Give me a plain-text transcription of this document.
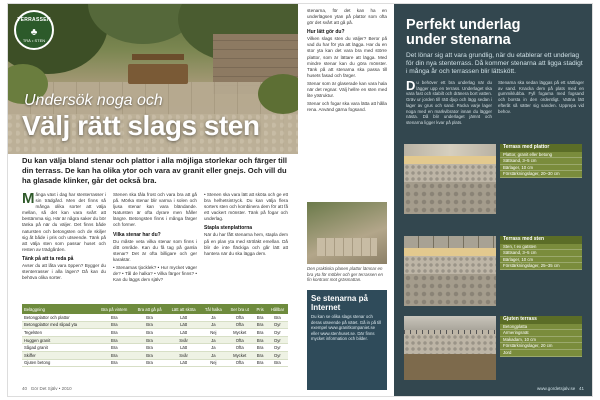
TERRASSEN
♣
TRÄ • STEN
Undersök noga och
Välj rätt slags sten
Du kan välja bland stenar och plattor i alla möjliga storlekar och färger till din terrass. De kan ha olika ytor och vara av granit eller gnejs. Och vill du ha glasade klinker, går det också bra.

Många växt i dag har stenterrasser i sin trädgård. Men det finns så många olika sorter att välja mellan, så det kan vara svårt att bestämma sig. Här är några saker du bör tänka på när du väljer. Det finns både natursten och betongsten och de skiljer sig åt både i pris och utseende. Tänk på att välja sten som passar huset och resten av trädgården.

Tänk på att ta reda på

Avser du att låta vara öppen? Bygger du stenterrasser i alla lägen? Då kan du behöva olika sorter.

Stenen ska tåla frost och vara bra att gå på. Mörka stenar blir varma i solen och ljusa stenar kan vara bländande. Natursten är ofta dyrare men håller längre. Betongsten finns i många färger och former.

Vilka stenar har du?

Du måste veta vilka stenar som finns i ditt område. Kan du få tag på gamla stenar? Det är ofta billigare och ger karaktär.

• Stenarnas tjocklek? • Hur mycket väger de? • Tål de halka? • Vilka färger finns? • Kan du läggs dem själv?

• Stenen ska vara lätt att sköta och ge ett bra helhetsintryck. Du kan välja flera sorters sten och kombinera dem för att få ett vackert mönster. Tänk på fogar och underlag.

Stapla stenplattorna

När du har fått stenarna hem, stapla dem på en plan yta med ströläkt emellan. Då blir de inte fläckiga och går lätt att hantera när du ska lägga dem.

Beläggning	Bra på vintern	Bra att gå på	Lätt att sköta	Tål halka	Ser bra ut	Pris	Hållbar
Betongplattor och plattor	Bra	Bra	Lätt	Ja	Ofta	Bra	Bra
Betongplattor med slipad yta	Bra	Bra	Lätt	Ja	Ofta	Bra	Dyr
Tegelsten	Bra	Bra	Lätt	Nej	Mycket	Bra	Dyr
Huggen granit	Bra	Bra	Svår	Ja	Ofta	Bra	Dyr
Sågad granit	Bra	Bra	Lätt	Ja	Ofta	Bra	Dyr
Skiffer	Bra	Bra	Svår	Ja	Mycket	Bra	Dyr
Gjuten betong	Bra	Bra	Lätt	Nej	Ofta	Bra	Bra
40 Gör Det Själv • 2010

stenarna, för det kan ha en underlägsen ytan på plattor som ofta gör det svårt att gå på.

Hur lätt gör du?

Vilken slags sten du väljer? Beror på vad du har för yta att lägga. Har du en stor yta kan det vara bra med större plattor, som är lättare att lägga. Med mindre stenar kan du göra mönster. Tänk på att stenarna ska passa till husets fasad och färger.

Stenar som är glaserade kan vara hala när det regnar. Välj hellre en sten med lite ytstruktur.

Stenar och fogar ska vara lätta att hålla rena. Använd gärna fogsand.

Den praktiska planen plattor lämnar en bra yta för möbler och ger terrassen en fin kontrast mot gräsmattan.
Se stenarna på Internet

Du kan se olika slags stenar och deras utseende på nätet. Gå in på till exempel www.granitkompaniet.se eller www.stenhuset.se. Där finns mycket information och bilder.

Perfekt underlag under stenarna
Det lönar sig att vara grundlig, när du etablerar ett underlag för din nya stenterrass. Då kommer stenarna att ligga stadigt i många år och terrassen blir lättskött.
Du behöver ett bra underlag när du lägger upp en terrass. Underlaget ska vara fast och stabilt och dränera bort vatten. Gräv ur jorden till rätt djup och lägg sedan i lager av grus och sand. Packa varje lager noga med en markvibrator innan du lägger nästa. Då blir underlaget jämnt och stenarna ligger kvar på plats.
Stenarna ska sedan läggas på ett sättlager av sand. Knacka dem på plats med en gummiklubba. Fyll fogarna med fogsand och borsta in den ordentligt. Vattna lätt efteråt så sätter sig sanden. Upprepa vid behov.
Terrass med plattor
Plattor, granit eller betong
Sättsand, 3–5 cm
Bärlager, 10 cm
Förstärkningslager, 20–30 cm
Terrass med sten
Sten, t ex gatsten
Sättsand, 3–5 cm
Bärlager, 10 cm
Förstärkningslager, 25–35 cm
Gjuten terrass
Betongplatta
Armeringsnät
Makadam, 10 cm
Förstärkningslager, 20 cm
Jord
www.gordetsjalv.se 41
